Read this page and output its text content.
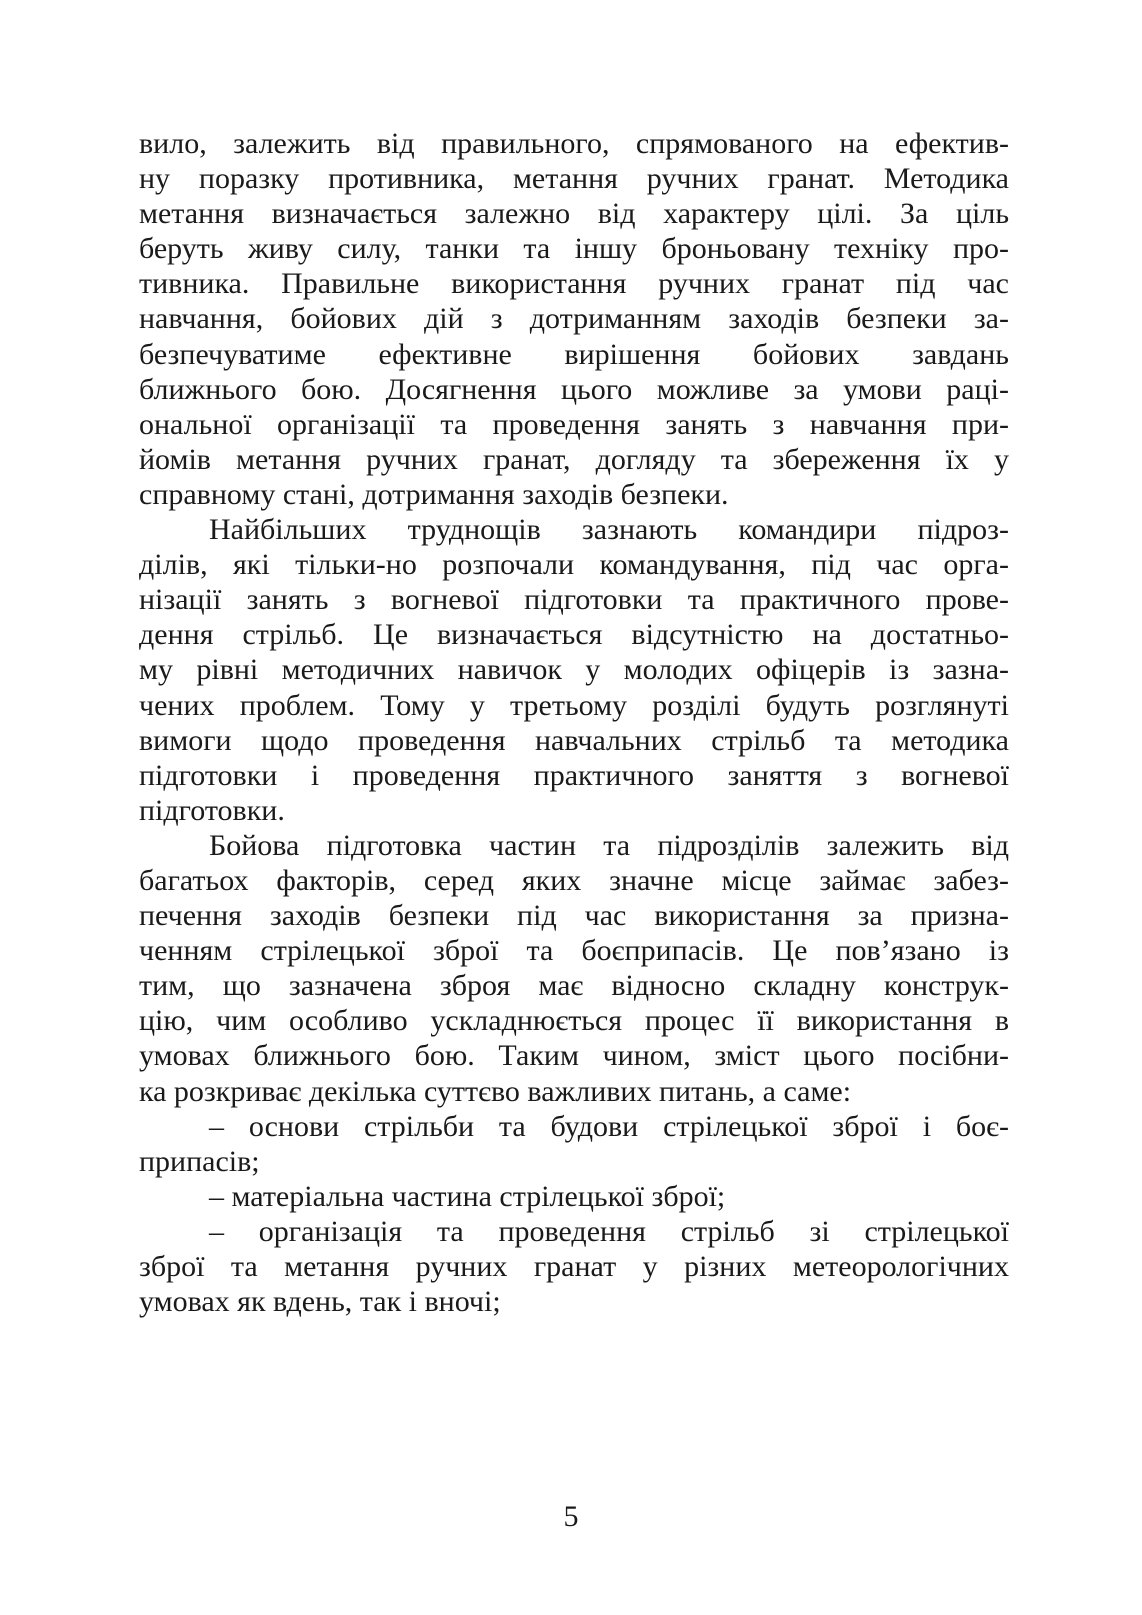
вило, залежить від правильного, спрямованого на ефектив-
ну поразку противника, метання ручних гранат. Методика
метання визначається залежно від характеру цілі. За ціль
беруть живу силу, танки та іншу броньовану техніку про-
тивника. Правильне використання ручних гранат під час
навчання, бойових дій з дотриманням заходів безпеки за-
безпечуватиме ефективне вирішення бойових завдань
ближнього бою. Досягнення цього можливе за умови раці-
ональної організації та проведення занять з навчання при-
йомів метання ручних гранат, догляду та збереження їх у
справному стані, дотримання заходів безпеки.
Найбільших труднощів зазнають командири підроз-
ділів, які тільки-но розпочали командування, під час орга-
нізації занять з вогневої підготовки та практичного прове-
дення стрільб. Це визначається відсутністю на достатньо-
му рівні методичних навичок у молодих офіцерів із зазна-
чених проблем. Тому у третьому розділі будуть розглянуті
вимоги щодо проведення навчальних стрільб та методика
підготовки і проведення практичного заняття з вогневої
підготовки.
Бойова підготовка частин та підрозділів залежить від
багатьох факторів, серед яких значне місце займає забез-
печення заходів безпеки під час використання за призна-
ченням стрілецької зброї та боєприпасів. Це пов’язано із
тим, що зазначена зброя має відносно складну конструк-
цію, чим особливо ускладнюється процес її використання в
умовах ближнього бою. Таким чином, зміст цього посібни-
ка розкриває декілька суттєво важливих питань, а саме:
– основи стрільби та будови стрілецької зброї і боє-
припасів;
– матеріальна частина стрілецької зброї;
– організація та проведення стрільб зі стрілецької
зброї та метання ручних гранат у різних метеорологічних
умовах як вдень, так і вночі;
5
